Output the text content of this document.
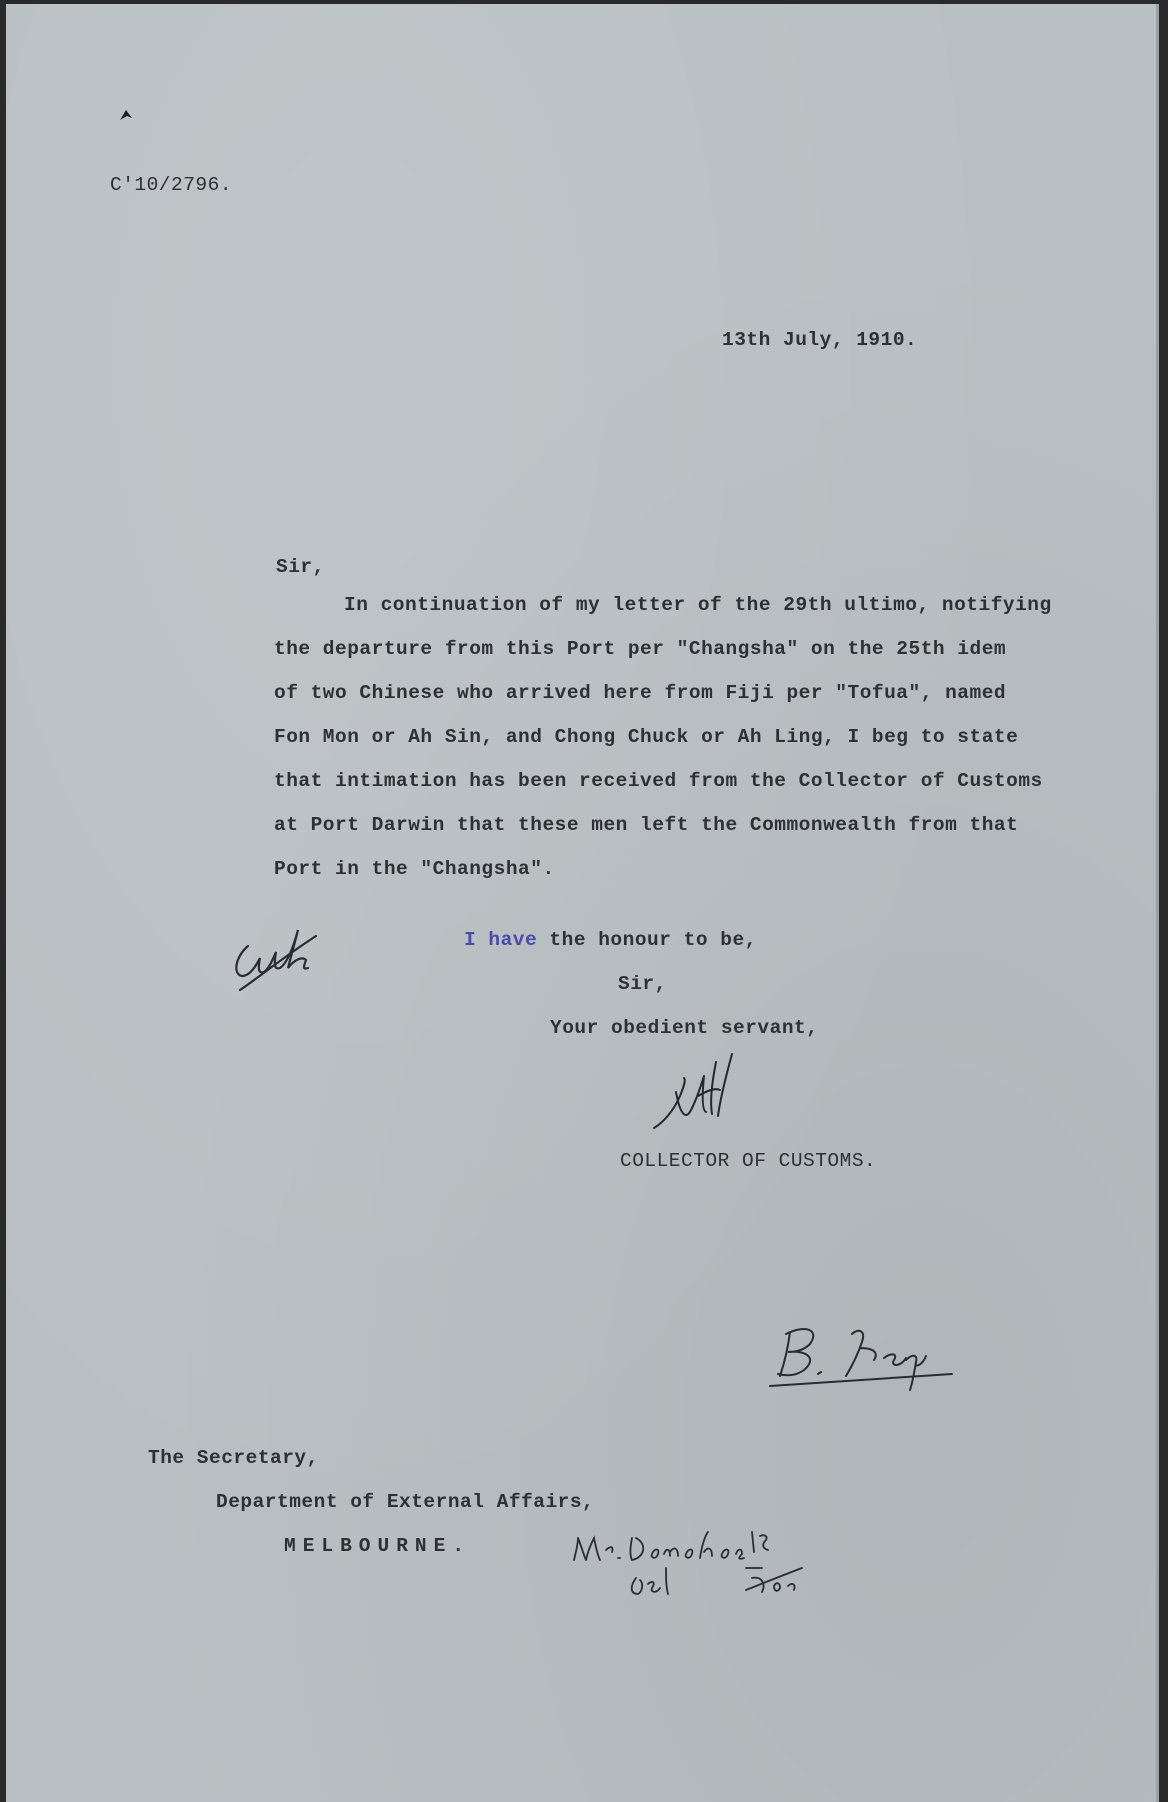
C'10/2796.
13th July, 1910.
Sir,
In continuation of my letter of the 29th ultimo, notifying
the departure from this Port per "Changsha" on the 25th idem
of two Chinese who arrived here from Fiji per "Tofua", named
Fon Mon or Ah Sin, and Chong Chuck or Ah Ling, I beg to state
that intimation has been received from the Collector of Customs
at Port Darwin that these men left the Commonwealth from that
Port in the "Changsha".
I have the honour to be,
Sir,
Your obedient servant,
COLLECTOR OF CUSTOMS.
The Secretary,
Department of External Affairs,
MELBOURNE.
